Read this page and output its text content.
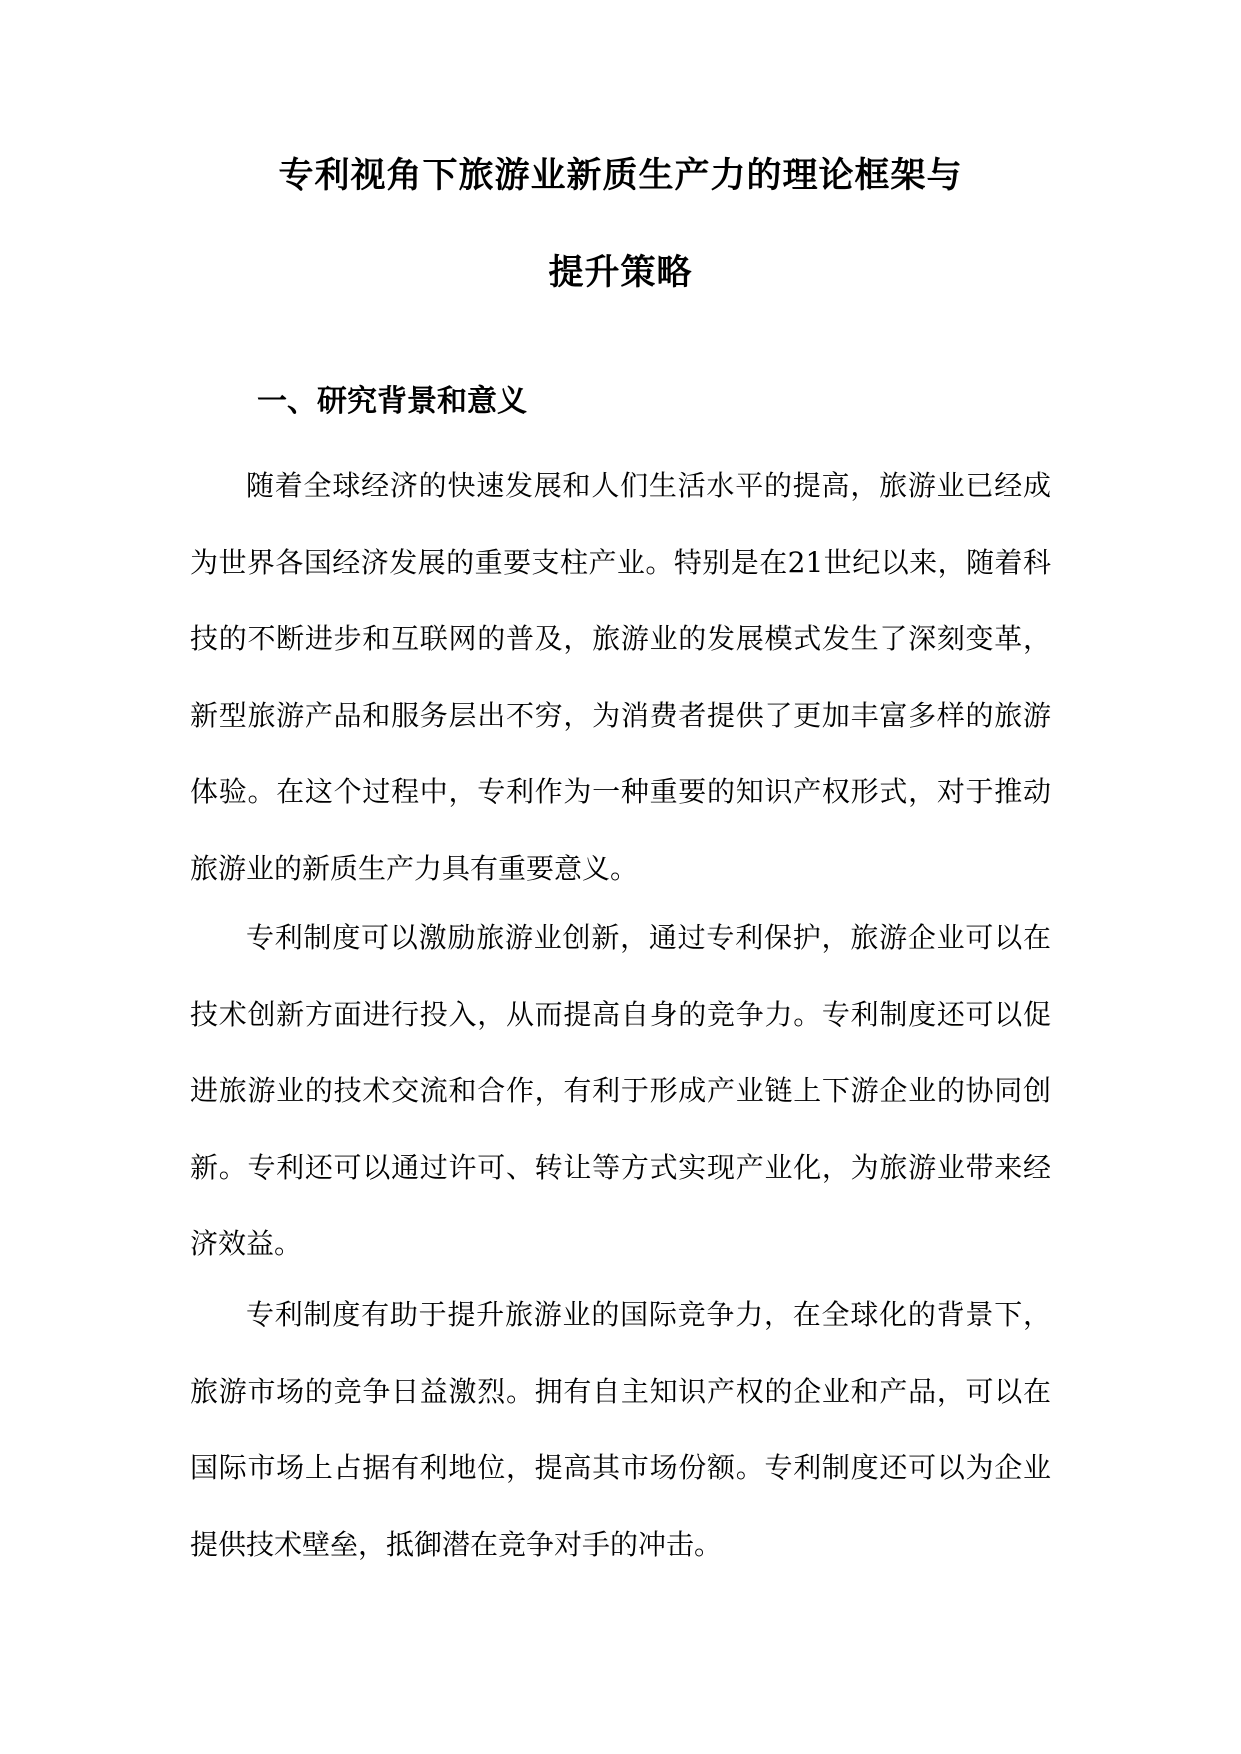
专利视角下旅游业新质生产力的理论框架与
提升策略
一、研究背景和意义

随着全球经济的快速发展和人们生活水平的提高，旅游业已经成为世界各国经济发展的重要支柱产业。特别是在21世纪以来，随着科技的不断进步和互联网的普及，旅游业的发展模式发生了深刻变革，新型旅游产品和服务层出不穷，为消费者提供了更加丰富多样的旅游体验。在这个过程中，专利作为一种重要的知识产权形式，对于推动旅游业的新质生产力具有重要意义。

专利制度可以激励旅游业创新，通过专利保护，旅游企业可以在技术创新方面进行投入，从而提高自身的竞争力。专利制度还可以促进旅游业的技术交流和合作，有利于形成产业链上下游企业的协同创新。专利还可以通过许可、转让等方式实现产业化，为旅游业带来经济效益。

专利制度有助于提升旅游业的国际竞争力，在全球化的背景下，旅游市场的竞争日益激烈。拥有自主知识产权的企业和产品，可以在国际市场上占据有利地位，提高其市场份额。专利制度还可以为企业提供技术壁垒，抵御潜在竞争对手的冲击。
